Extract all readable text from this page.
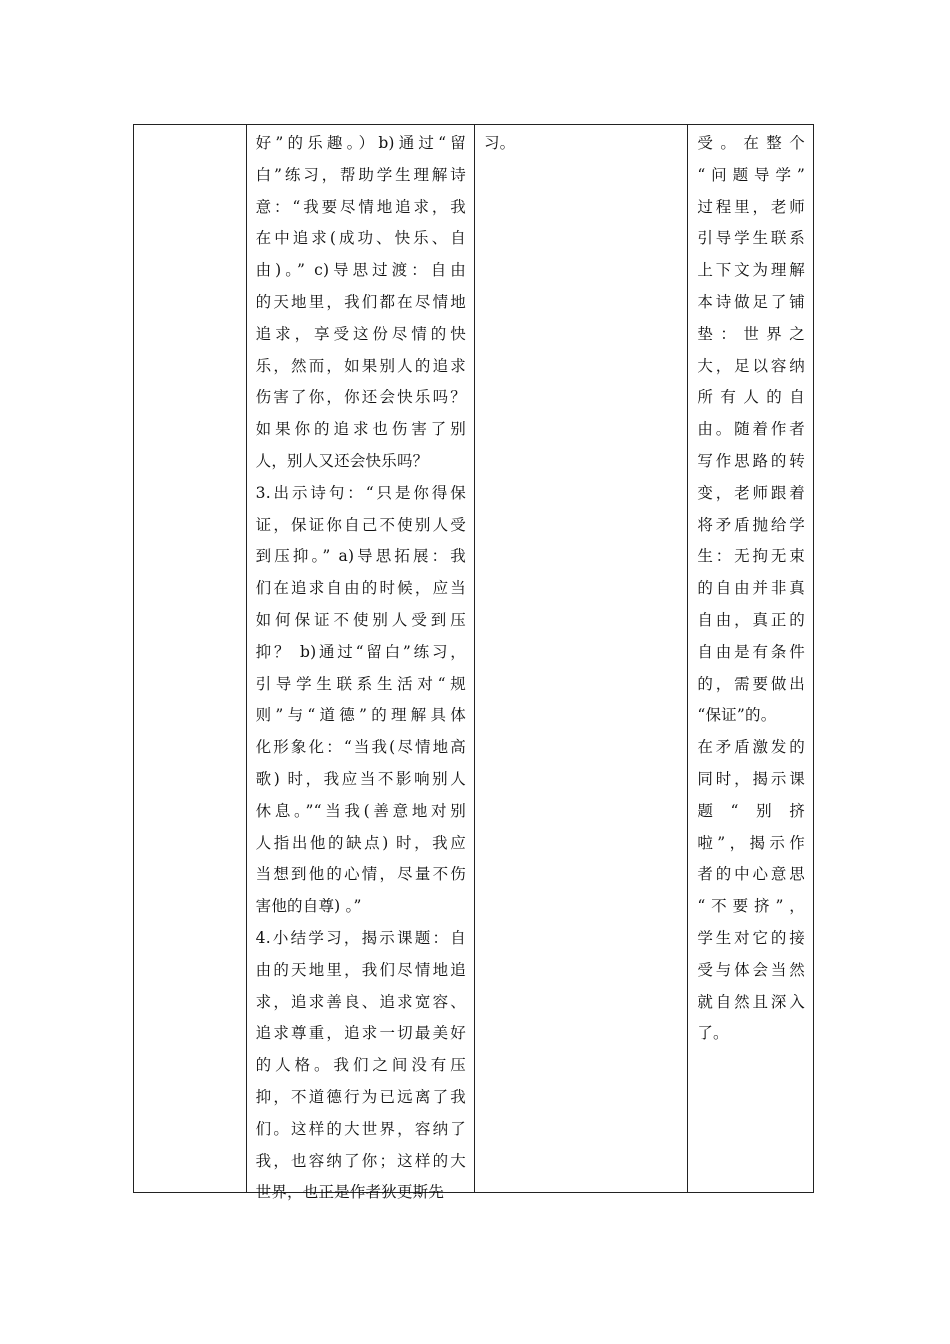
好”的乐趣。）b)通过“留
白”练习，帮助学生理解诗
意：“我要尽情地追求，我
在中追求(成功、快乐、自
由)。” c)导思过渡：自由
的天地里，我们都在尽情地
追求，享受这份尽情的快
乐，然而，如果别人的追求
伤害了你，你还会快乐吗？
如果你的追求也伤害了别
人，别人又还会快乐吗？
3.出示诗句：“只是你得保
证，保证你自己不使别人受
到压抑。” a)导思拓展：我
们在追求自由的时候，应当
如何保证不使别人受到压
抑？ b)通过“留白”练习，
引导学生联系生活对“规
则”与“道德”的理解具体
化形象化：“当我(尽情地高
歌) 时，我应当不影响别人
休息。”“当我(善意地对别
人指出他的缺点) 时，我应
当想到他的心情，尽量不伤
害他的自尊) 。”
4.小结学习，揭示课题：自
由的天地里，我们尽情地追
求，追求善良、追求宽容、
追求尊重，追求一切最美好
的人格。我们之间没有压
抑，不道德行为已远离了我
们。这样的大世界，容纳了
我，也容纳了你；这样的大
世界，也正是作者狄更斯先
习。	受。在整个
“问题导学”
过程里，老师
引导学生联系
上下文为理解
本诗做足了铺
垫：世界之
大，足以容纳
所有人的自
由。随着作者
写作思路的转
变，老师跟着
将矛盾抛给学
生：无拘无束
的自由并非真
自由，真正的
自由是有条件
的，需要做出
“保证”的。
在矛盾激发的
同时，揭示课
题“别挤
啦”，揭示作
者的中心意思
“不要挤”，
学生对它的接
受与体会当然
就自然且深入
了。
